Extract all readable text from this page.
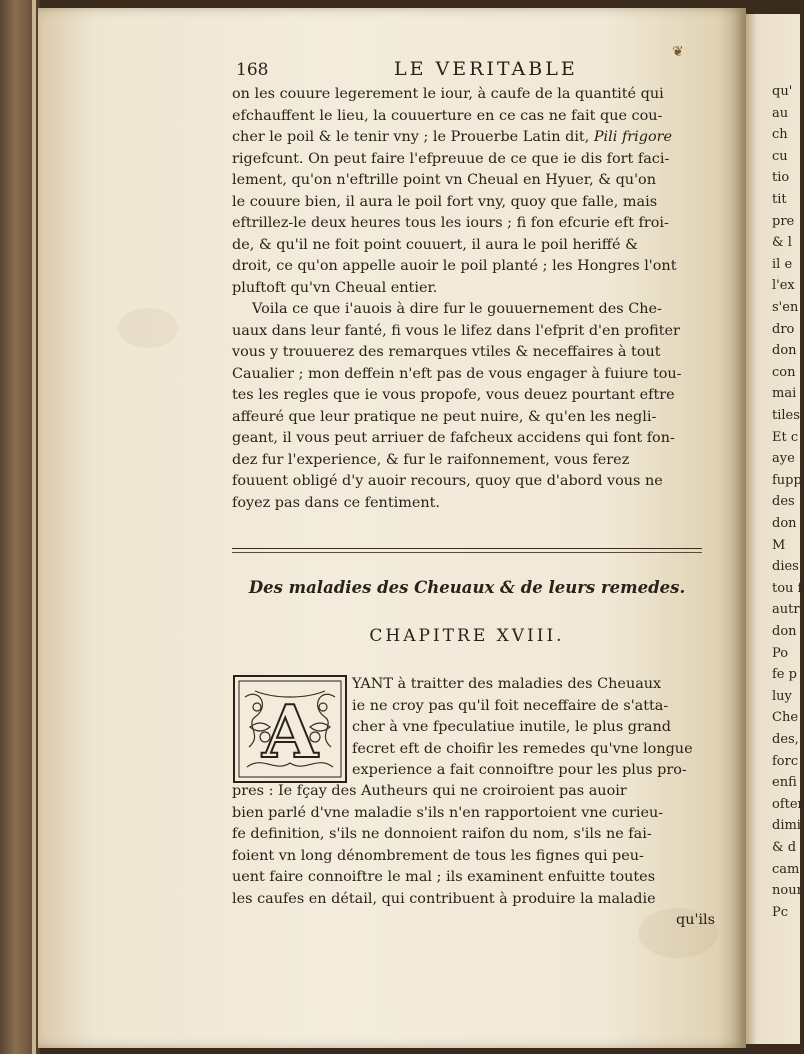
qu'
au
ch
cu
tio
tit
pre
& l
il e
l'ex
s'en
dro
don
con
mai
tiles
Et c
aye
fupp
des
don
M
dies
tou f
autr
don
Po
fe p
luy
Che
des,
forc
enfi
ofter
dimi
& d
cam
nour
Pc
168	LE VERITABLE
❦

on les couure legerement le iour, à caufe de la quantité qui

efchauffent le lieu, la couuerture en ce cas ne fait que cou-

cher le poil & le tenir vny ; le Prouerbe Latin dit, Pili frigore

rigefcunt. On peut faire l'efpreuue de ce que ie dis fort faci-

lement, qu'on n'eftrille point vn Cheual en Hyuer, & qu'on

le couure bien, il aura le poil fort vny, quoy que falle, mais

eftrillez-le deux heures tous les iours ; fi fon efcurie eft froi-

de, & qu'il ne foit point couuert, il aura le poil heriffé &

droit, ce qu'on appelle auoir le poil planté ; les Hongres l'ont

pluftoft qu'vn Cheual entier.

Voila ce que i'auois à dire fur le gouuernement des Che-

uaux dans leur fanté, fi vous le lifez dans l'efprit d'en profiter

vous y trouuerez des remarques vtiles & neceffaires à tout

Caualier ; mon deffein n'eft pas de vous engager à fuiure tou-

tes les regles que ie vous propofe, vous deuez pourtant eftre

affeuré que leur pratique ne peut nuire, & qu'en les negli-

geant, il vous peut arriuer de fafcheux accidens qui font fon-

dez fur l'experience, & fur le raifonnement, vous ferez

fouuent obligé d'y auoir recours, quoy que d'abord vous ne

foyez pas dans ce fentiment.

Des maladies des Cheuaux & de leurs remedes.
CHAPITRE XVIII.
A

YANT à traitter des maladies des Cheuaux

ie ne croy pas qu'il foit neceffaire de s'atta-

cher à vne fpeculatiue inutile, le plus grand

fecret eft de choifir les remedes qu'vne longue

experience a fait connoiftre pour les plus pro-

pres : Ie fçay des Autheurs qui ne croiroient pas auoir

bien parlé d'vne maladie s'ils n'en rapportoient vne curieu-

fe definition, s'ils ne donnoient raifon du nom, s'ils ne fai-

foient vn long dénombrement de tous les fignes qui peu-

uent faire connoiftre le mal ; ils examinent enfuitte toutes

les caufes en détail, qui contribuent à produire la maladie

qu'ils
